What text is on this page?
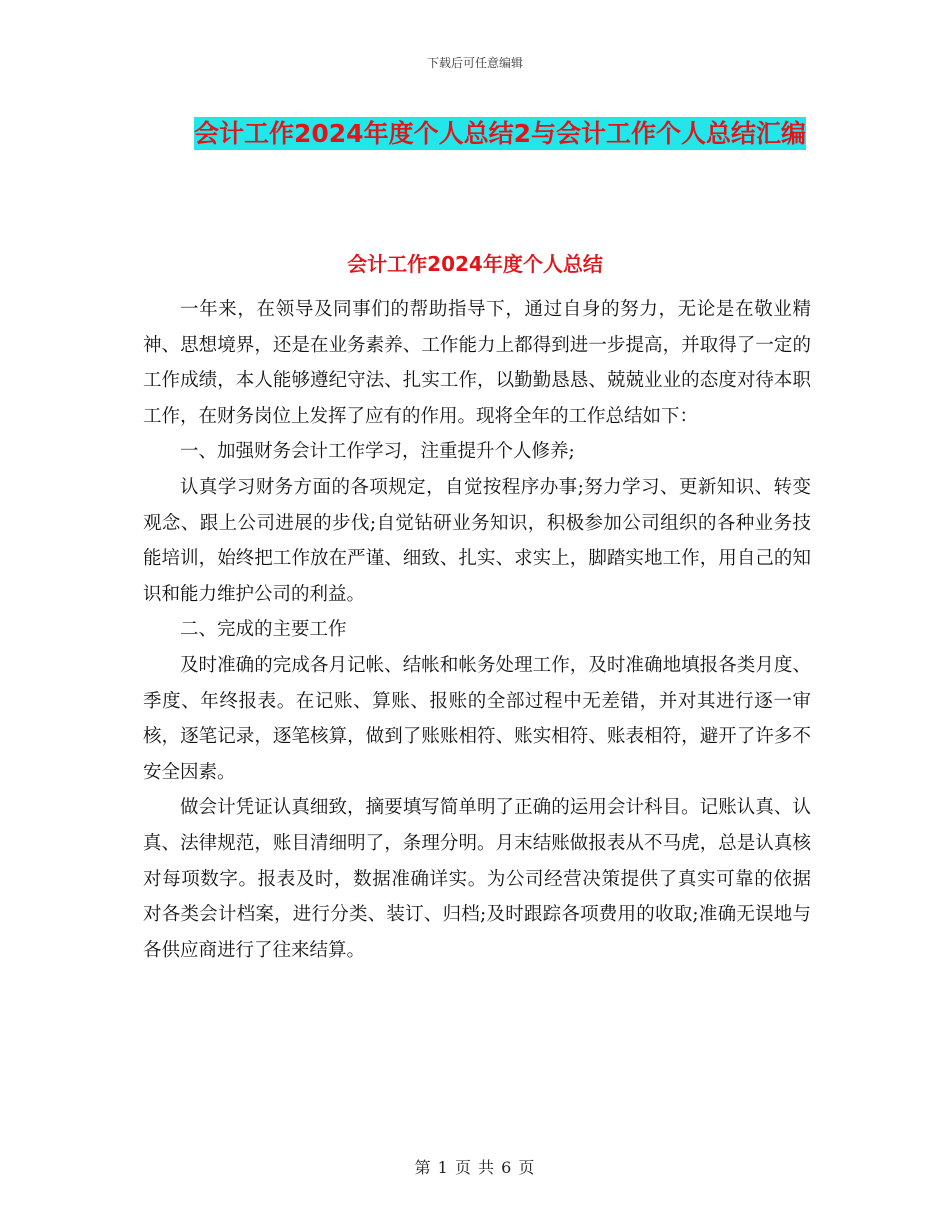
下载后可任意编辑
会计工作2024年度个人总结2与会计工作个人总结汇编
会计工作2024年度个人总结

一年来，在领导及同事们的帮助指导下，通过自身的努力，无论是在敬业精神、思想境界，还是在业务素养、工作能力上都得到进一步提高，并取得了一定的工作成绩，本人能够遵纪守法、扎实工作，以勤勤恳恳、兢兢业业的态度对待本职工作，在财务岗位上发挥了应有的作用。现将全年的工作总结如下：

一、加强财务会计工作学习，注重提升个人修养;

认真学习财务方面的各项规定，自觉按程序办事;努力学习、更新知识、转变观念、跟上公司进展的步伐;自觉钻研业务知识，积极参加公司组织的各种业务技能培训，始终把工作放在严谨、细致、扎实、求实上，脚踏实地工作，用自己的知识和能力维护公司的利益。

二、完成的主要工作

及时准确的完成各月记帐、结帐和帐务处理工作，及时准确地填报各类月度、季度、年终报表。在记账、算账、报账的全部过程中无差错，并对其进行逐一审核，逐笔记录，逐笔核算，做到了账账相符、账实相符、账表相符，避开了许多不安全因素。

做会计凭证认真细致，摘要填写简单明了正确的运用会计科目。记账认真、认真、法律规范，账目清细明了，条理分明。月末结账做报表从不马虎，总是认真核对每项数字。报表及时，数据准确详实。为公司经营决策提供了真实可靠的依据 对各类会计档案，进行分类、装订、归档;及时跟踪各项费用的收取;准确无误地与各供应商进行了往来结算。

第 1 页 共 6 页
